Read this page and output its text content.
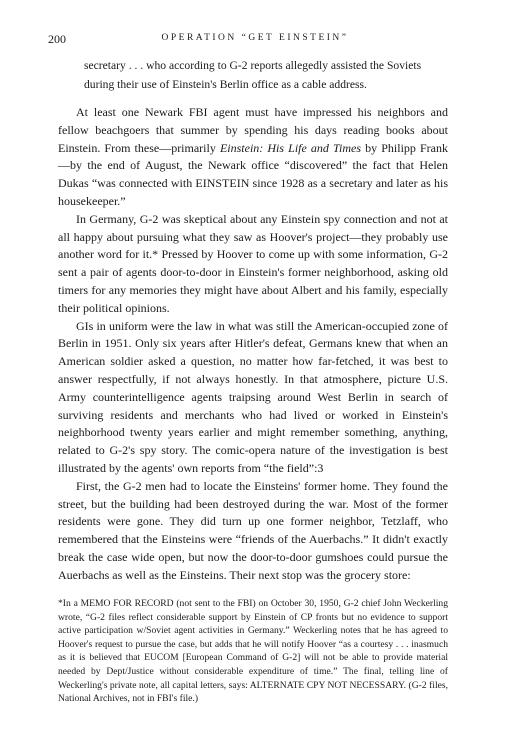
200	OPERATION “GET EINSTEIN”

secretary . . . who according to G-2 reports allegedly assisted the Soviets during their use of Einstein's Berlin office as a cable address.

At least one Newark FBI agent must have impressed his neighbors and fellow beachgoers that summer by spending his days reading books about Einstein. From these—primarily Einstein: His Life and Times by Philipp Frank—by the end of August, the Newark office “discovered” the fact that Helen Dukas “was connected with EINSTEIN since 1928 as a secretary and later as his housekeeper.”

In Germany, G-2 was skeptical about any Einstein spy connection and not at all happy about pursuing what they saw as Hoover's project—they probably use another word for it.* Pressed by Hoover to come up with some information, G-2 sent a pair of agents door-to-door in Einstein's former neighborhood, asking old timers for any memories they might have about Albert and his family, especially their political opinions.

GIs in uniform were the law in what was still the American-occupied zone of Berlin in 1951. Only six years after Hitler's defeat, Germans knew that when an American soldier asked a question, no matter how far-fetched, it was best to answer respectfully, if not always honestly. In that atmosphere, picture U.S. Army counterintelligence agents traipsing around West Berlin in search of surviving residents and merchants who had lived or worked in Einstein's neighborhood twenty years earlier and might remember something, anything, related to G-2's spy story. The comic-opera nature of the investigation is best illustrated by the agents' own reports from “the field”:3

First, the G-2 men had to locate the Einsteins' former home. They found the street, but the building had been destroyed during the war. Most of the former residents were gone. They did turn up one former neighbor, Tetzlaff, who remembered that the Einsteins were “friends of the Auerbachs.” It didn't exactly break the case wide open, but now the door-to-door gumshoes could pursue the Auerbachs as well as the Einsteins. Their next stop was the grocery store:

*In a MEMO FOR RECORD (not sent to the FBI) on October 30, 1950, G-2 chief John Weckerling wrote, “G-2 files reflect considerable support by Einstein of CP fronts but no evidence to support active participation w/Soviet agent activities in Germany.” Weckerling notes that he has agreed to Hoover's request to pursue the case, but adds that he will notify Hoover “as a courtesy . . . inasmuch as it is believed that EUCOM [European Command of G-2] will not be able to provide material needed by Dept/Justice without considerable expenditure of time.” The final, telling line of Weckerling's private note, all capital letters, says: ALTERNATE CPY NOT NECESSARY. (G-2 files, National Archives, not in FBI's file.)
